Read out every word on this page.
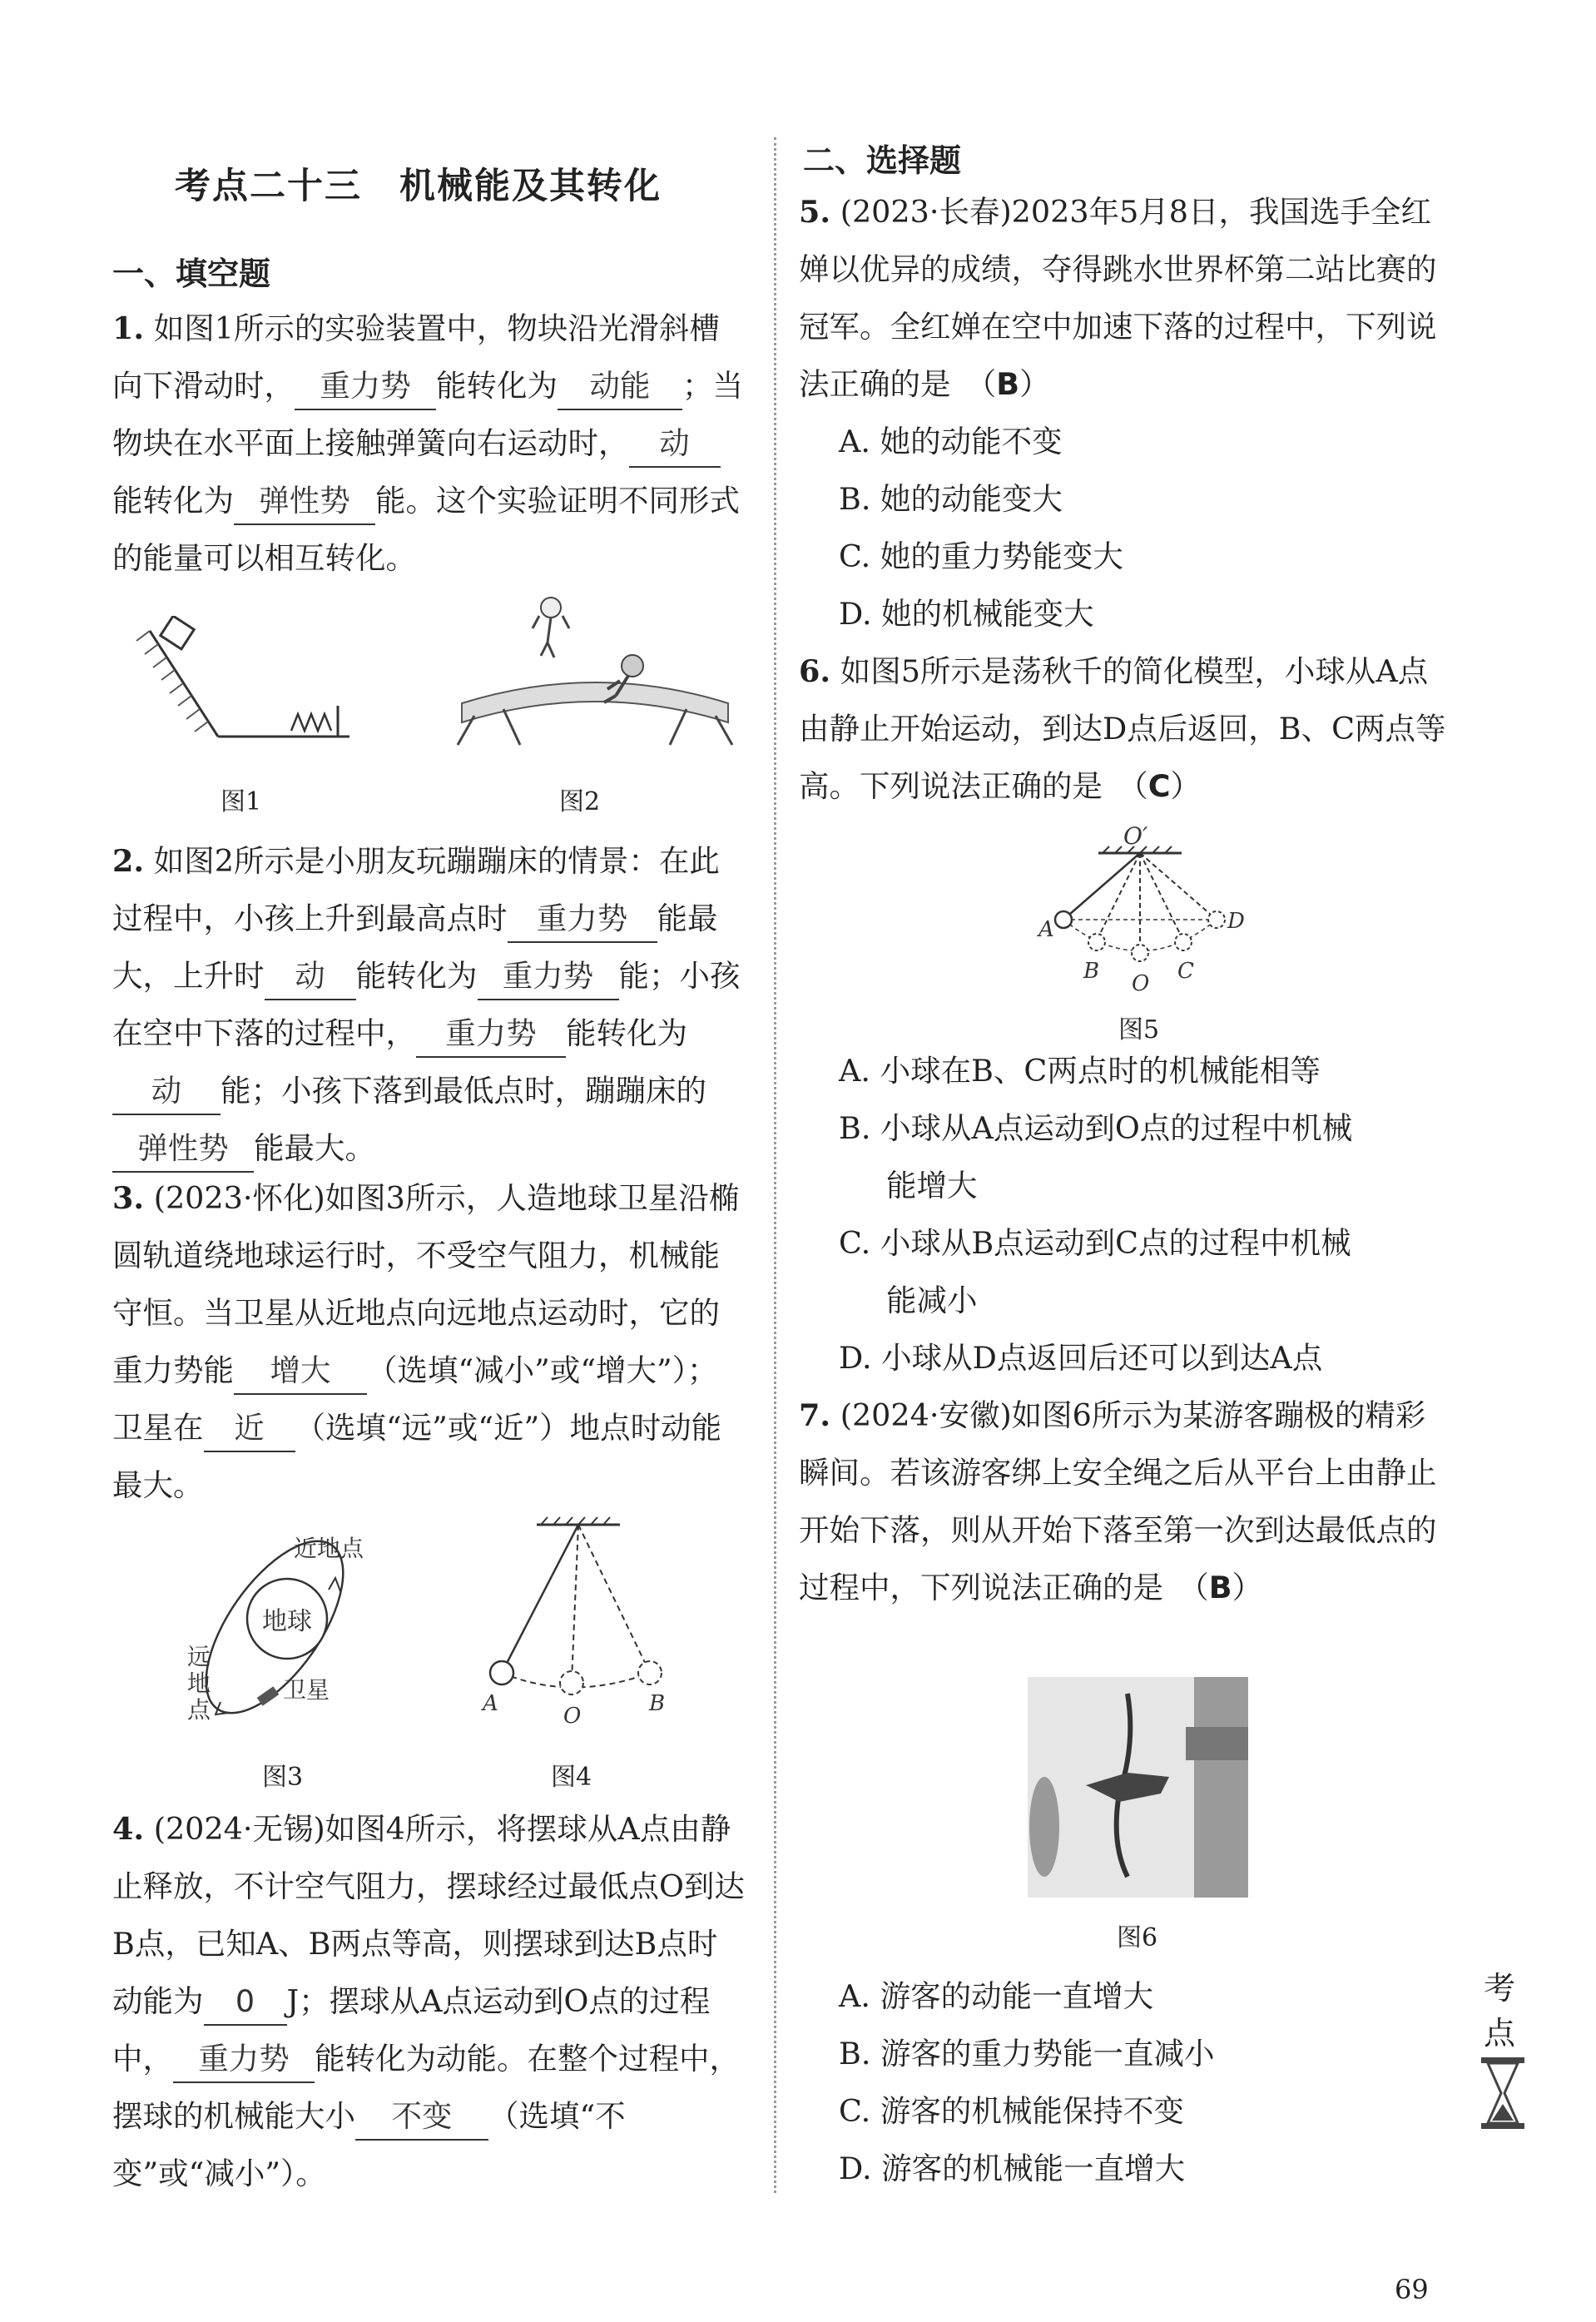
考点二十三　机械能及其转化
一、填空题

1. 如图1所示的实验装置中，物块沿光滑斜槽向下滑动时， 重力势 能转化为 动能 ；当物块在水平面上接触弹簧向右运动时， 动能转化为 弹性势 能。这个实验证明不同形式的能量可以相互转化。

图1	图2

2. 如图2所示是小朋友玩蹦蹦床的情景：在此过程中，小孩上升到最高点时 重力势 能最大，上升时 动 能转化为 重力势 能；小孩在空中下落的过程中， 重力势 能转化为动 能；小孩下落到最低点时，蹦蹦床的弹性势 能最大。

3. (2023·怀化)如图3所示，人造地球卫星沿椭圆轨道绕地球运行时，不受空气阻力，机械能守恒。当卫星从近地点向远地点运动时，它的重力势能 增大 （选填“减小”或“增大”）；卫星在 近 （选填“远”或“近”）地点时动能最大。

地球
近地点
远
地
点
卫星
图3
A	O	B
图4

4. (2024·无锡)如图4所示，将摆球从A点由静止释放，不计空气阻力，摆球经过最低点O到达B点，已知A、B两点等高，则摆球到达B点时动能为 0 J；摆球从A点运动到O点的过程中， 重力势 能转化为动能。在整个过程中，摆球的机械能大小 不变 （选填“不变”或“减小”）。

二、选择题

5. (2023·长春)2023年5月8日，我国选手全红婵以优异的成绩，夺得跳水世界杯第二站比赛的冠军。全红婵在空中加速下落的过程中，下列说法正确的是　（B）

A. 她的动能不变
B. 她的动能变大
C. 她的重力势能变大
D. 她的机械能变大

6. 如图5所示是荡秋千的简化模型，小球从A点由静止开始运动，到达D点后返回，B、C两点等高。下列说法正确的是　（C）

O′
A
B O C
D
图5
A. 小球在B、C两点时的机械能相等
B. 小球从A点运动到O点的过程中机械
能增大
C. 小球从B点运动到C点的过程中机械
能减小
D. 小球从D点返回后还可以到达A点

7. (2024·安徽)如图6所示为某游客蹦极的精彩瞬间。若该游客绑上安全绳之后从平台上由静止开始下落，则从开始下落至第一次到达最低点的过程中，下列说法正确的是　（B）

图6
A. 游客的动能一直增大
B. 游客的重力势能一直减小
C. 游客的机械能保持不变
D. 游客的机械能一直增大
考
点
69
